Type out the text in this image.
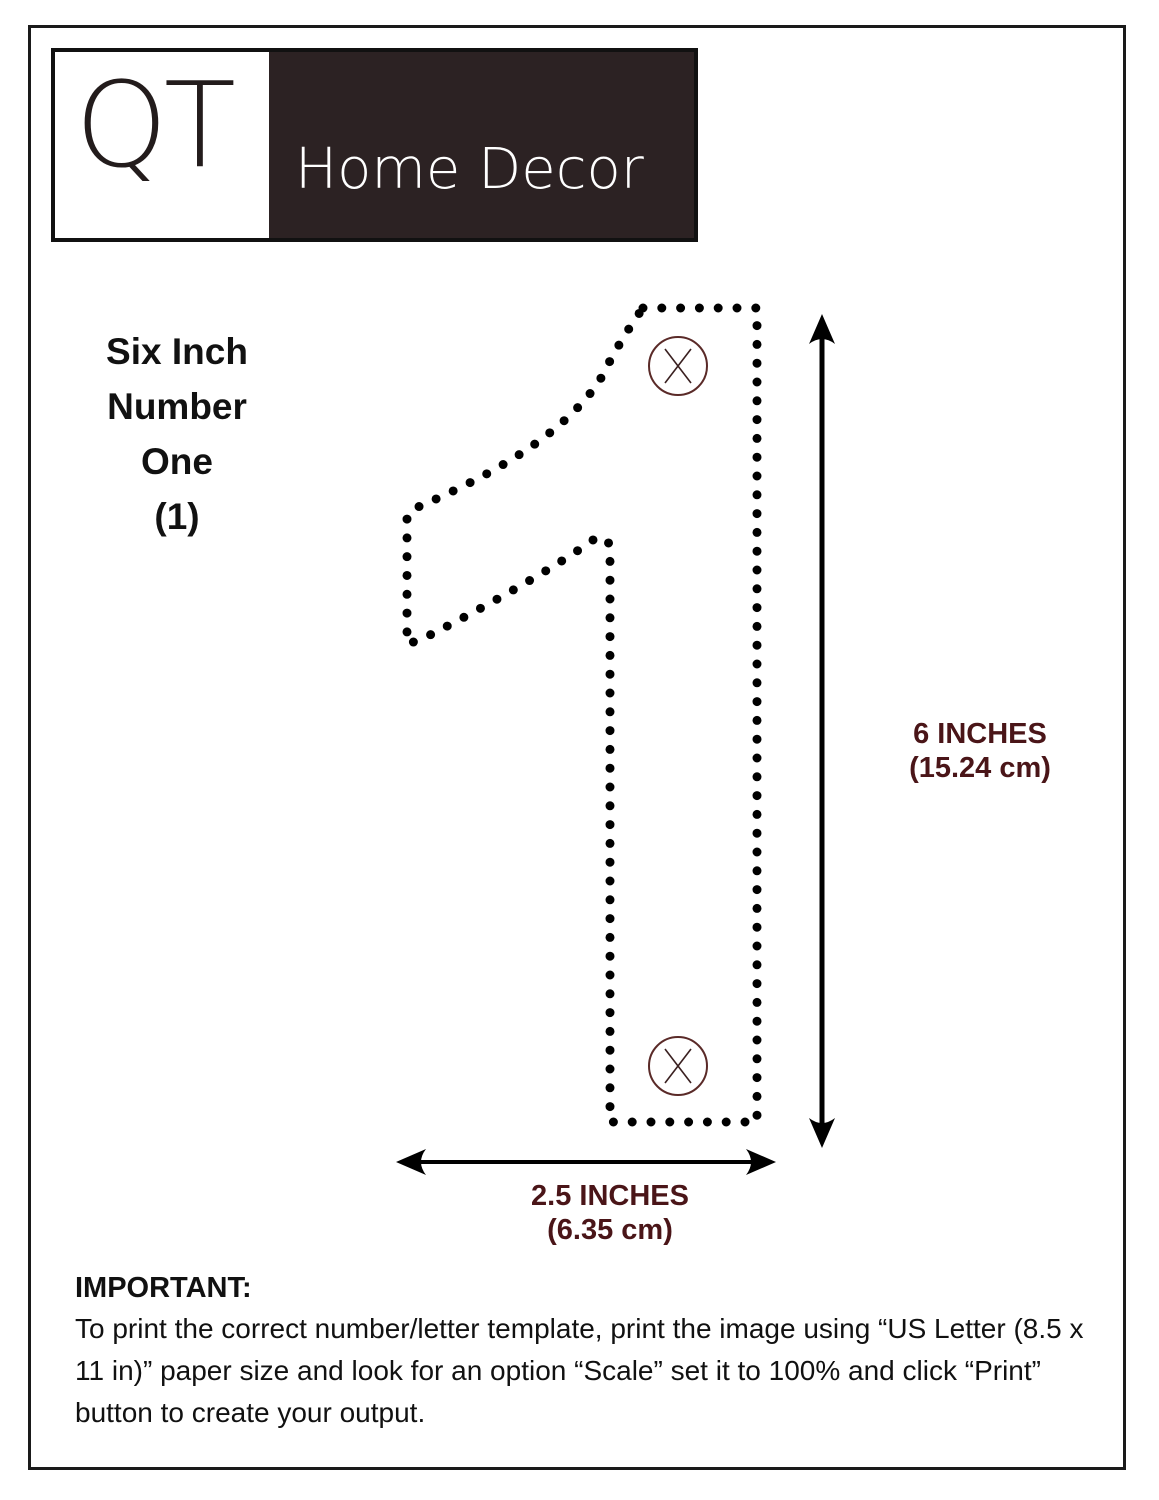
QT Home Decor
Six Inch
Number
One
(1)
6 INCHES
(15.24 cm)
2.5 INCHES
(6.35 cm)
IMPORTANT:

To print the correct number/letter template, print the image using “US Letter (8.5 x 11 in)” paper size and look for an option “Scale” set it to 100% and click “Print” button to create your output.
